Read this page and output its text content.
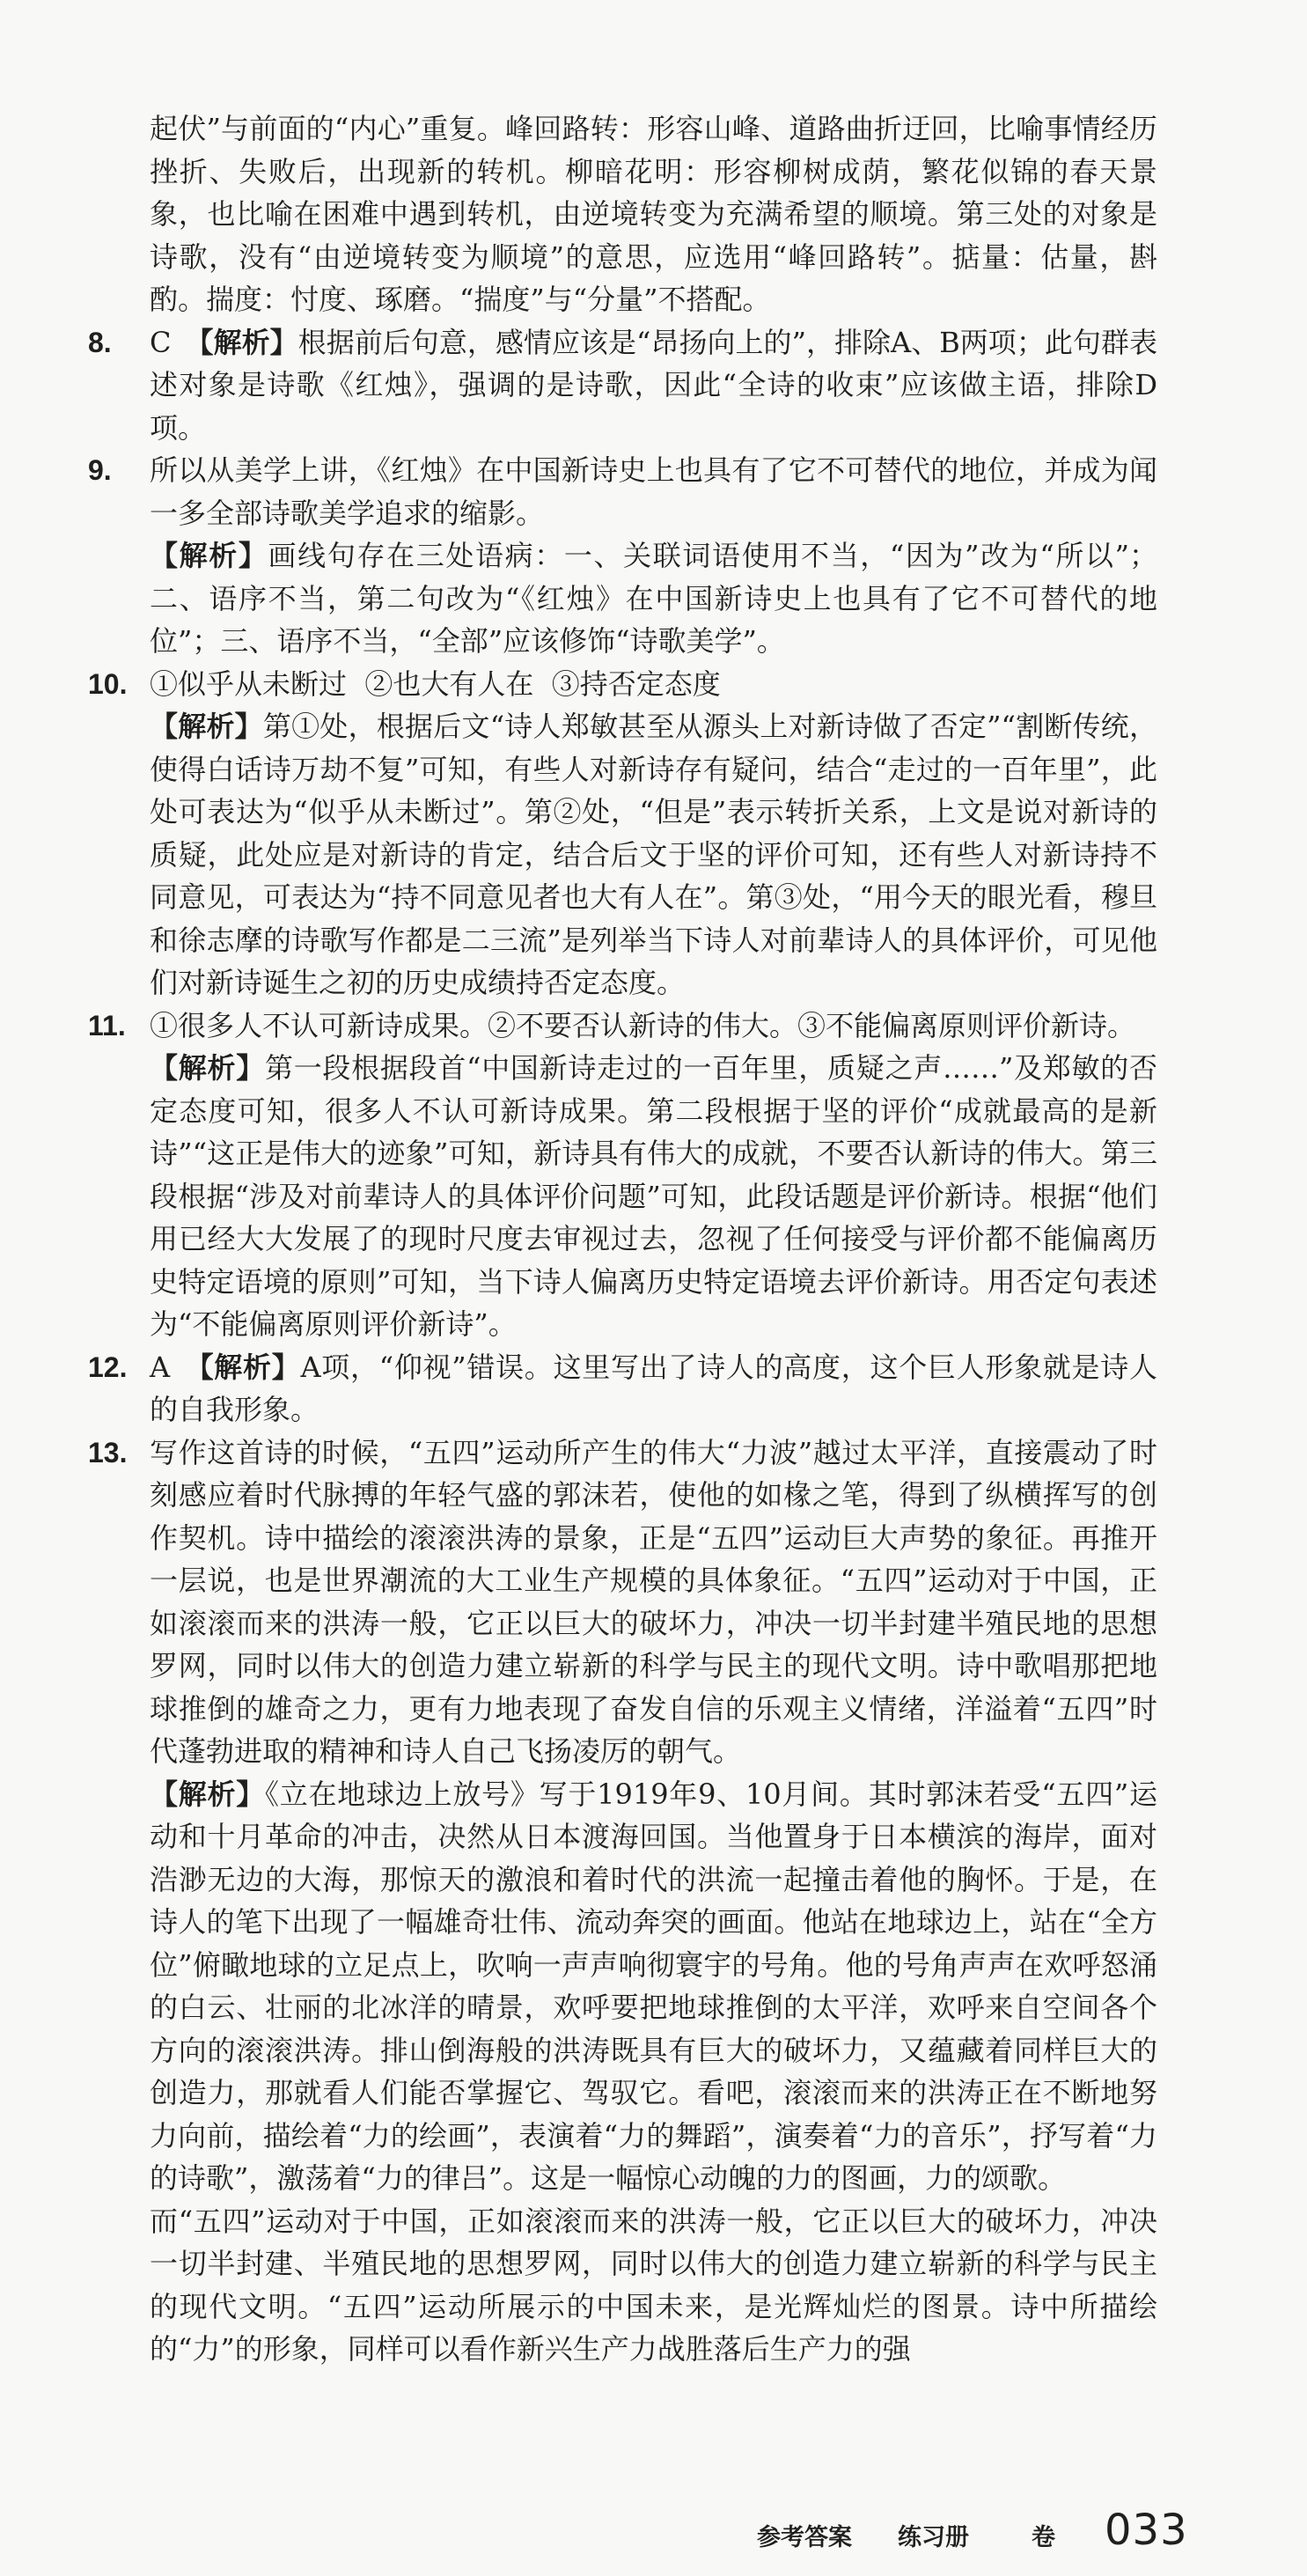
起伏”与前面的“内心”重复。峰回路转：形容山峰、道路曲折迂回，比喻事情经历挫折、失败后，出现新的转机。柳暗花明：形容柳树成荫，繁花似锦的春天景象，也比喻在困难中遇到转机，由逆境转变为充满希望的顺境。第三处的对象是诗歌，没有“由逆境转变为顺境”的意思，应选用“峰回路转”。掂量：估量，斟酌。揣度：忖度、琢磨。“揣度”与“分量”不搭配。

8. C　 【解析】根据前后句意，感情应该是“昂扬向上的”，排除A、B两项；此句群表述对象是诗歌《红烛》，强调的是诗歌，因此“全诗的收束”应该做主语，排除D项。
9. 所以从美学上讲，《红烛》在中国新诗史上也具有了它不可替代的地位，并成为闻一多全部诗歌美学追求的缩影。
【解析】画线句存在三处语病：一、关联词语使用不当，“因为”改为“所以”；二、语序不当，第二句改为“《红烛》在中国新诗史上也具有了它不可替代的地位”；三、语序不当，“全部”应该修饰“诗歌美学”。
10. ①似乎从未断过  ②也大有人在  ③持否定态度
【解析】第①处，根据后文“诗人郑敏甚至从源头上对新诗做了否定”“割断传统，使得白话诗万劫不复”可知，有些人对新诗存有疑问，结合“走过的一百年里”，此处可表达为“似乎从未断过”。第②处，“但是”表示转折关系，上文是说对新诗的质疑，此处应是对新诗的肯定，结合后文于坚的评价可知，还有些人对新诗持不同意见，可表达为“持不同意见者也大有人在”。第③处，“用今天的眼光看，穆旦和徐志摩的诗歌写作都是二三流”是列举当下诗人对前辈诗人的具体评价，可见他们对新诗诞生之初的历史成绩持否定态度。
11. ①很多人不认可新诗成果。②不要否认新诗的伟大。③不能偏离原则评价新诗。
【解析】第一段根据段首“中国新诗走过的一百年里，质疑之声……”及郑敏的否定态度可知，很多人不认可新诗成果。第二段根据于坚的评价“成就最高的是新诗”“这正是伟大的迹象”可知，新诗具有伟大的成就，不要否认新诗的伟大。第三段根据“涉及对前辈诗人的具体评价问题”可知，此段话题是评价新诗。根据“他们用已经大大发展了的现时尺度去审视过去，忽视了任何接受与评价都不能偏离历史特定语境的原则”可知，当下诗人偏离历史特定语境去评价新诗。用否定句表述为“不能偏离原则评价新诗”。
12. A　 【解析】A项，“仰视”错误。这里写出了诗人的高度，这个巨人形象就是诗人的自我形象。
13. 写作这首诗的时候，“五四”运动所产生的伟大“力波”越过太平洋，直接震动了时刻感应着时代脉搏的年轻气盛的郭沫若，使他的如椽之笔，得到了纵横挥写的创作契机。诗中描绘的滚滚洪涛的景象，正是“五四”运动巨大声势的象征。再推开一层说，也是世界潮流的大工业生产规模的具体象征。“五四”运动对于中国，正如滚滚而来的洪涛一般，它正以巨大的破坏力，冲决一切半封建半殖民地的思想罗网，同时以伟大的创造力建立崭新的科学与民主的现代文明。诗中歌唱那把地球推倒的雄奇之力，更有力地表现了奋发自信的乐观主义情绪，洋溢着“五四”时代蓬勃进取的精神和诗人自己飞扬凌厉的朝气。
【解析】《立在地球边上放号》写于1919年9、10月间。其时郭沫若受“五四”运动和十月革命的冲击，决然从日本渡海回国。当他置身于日本横滨的海岸，面对浩渺无边的大海，那惊天的激浪和着时代的洪流一起撞击着他的胸怀。于是，在诗人的笔下出现了一幅雄奇壮伟、流动奔突的画面。他站在地球边上，站在“全方位”俯瞰地球的立足点上，吹响一声声响彻寰宇的号角。他的号角声声在欢呼怒涌的白云、壮丽的北冰洋的晴景，欢呼要把地球推倒的太平洋，欢呼来自空间各个方向的滚滚洪涛。排山倒海般的洪涛既具有巨大的破坏力，又蕴藏着同样巨大的创造力，那就看人们能否掌握它、驾驭它。看吧，滚滚而来的洪涛正在不断地努力向前，描绘着“力的绘画”，表演着“力的舞蹈”，演奏着“力的音乐”，抒写着“力的诗歌”，激荡着“力的律吕”。这是一幅惊心动魄的力的图画，力的颂歌。
而“五四”运动对于中国，正如滚滚而来的洪涛一般，它正以巨大的破坏力，冲决一切半封建、半殖民地的思想罗网，同时以伟大的创造力建立崭新的科学与民主的现代文明。“五四”运动所展示的中国未来，是光辉灿烂的图景。诗中所描绘的“力”的形象，同样可以看作新兴生产力战胜落后生产力的强
参考答案 练习册	卷 033
